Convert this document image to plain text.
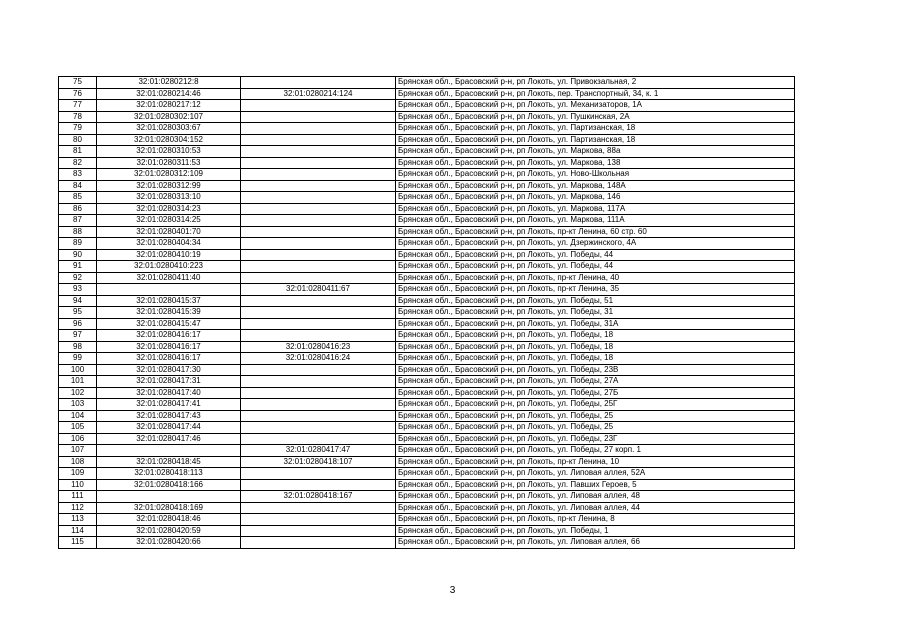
75	32:01:0280212:8		Брянская обл., Брасовский р-н, рп Локоть, ул. Привокзальная, 2
76	32:01:0280214:46	32:01:0280214:124	Брянская обл., Брасовский р-н, рп Локоть, пер. Транспортный, 34, к. 1
77	32:01:0280217:12		Брянская обл., Брасовский р-н, рп Локоть, ул. Механизаторов, 1А
78	32:01:0280302:107		Брянская обл., Брасовский р-н, рп Локоть, ул. Пушкинская, 2А
79	32:01:0280303:67		Брянская обл., Брасовский р-н, рп Локоть, ул. Партизанская, 18
80	32:01:0280304:152		Брянская обл., Брасовский р-н, рп Локоть, ул. Партизанская, 18
81	32:01:0280310:53		Брянская обл., Брасовский р-н, рп Локоть, ул. Маркова, 88а
82	32:01:0280311:53		Брянская обл., Брасовский р-н, рп Локоть, ул. Маркова, 138
83	32:01:0280312:109		Брянская обл., Брасовский р-н, рп Локоть, ул. Ново-Школьная
84	32:01:0280312:99		Брянская обл., Брасовский р-н, рп Локоть, ул. Маркова, 148А
85	32:01:0280313:10		Брянская обл., Брасовский р-н, рп Локоть, ул. Маркова, 146
86	32:01:0280314:23		Брянская обл., Брасовский р-н, рп Локоть, ул. Маркова, 117А
87	32:01:0280314:25		Брянская обл., Брасовский р-н, рп Локоть, ул. Маркова, 111А
88	32:01:0280401:70		Брянская обл., Брасовский р-н, рп Локоть, пр-кт Ленина, 60 стр. 60
89	32:01:0280404:34		Брянская обл., Брасовский р-н, рп Локоть, ул. Дзержинского, 4А
90	32:01:0280410:19		Брянская обл., Брасовский р-н, рп Локоть, ул. Победы, 44
91	32:01:0280410:223		Брянская обл., Брасовский р-н, рп Локоть, ул. Победы, 44
92	32:01:0280411:40		Брянская обл., Брасовский р-н, рп Локоть, пр-кт Ленина, 40
93		32:01:0280411:67	Брянская обл., Брасовский р-н, рп Локоть, пр-кт Ленина, 35
94	32:01:0280415:37		Брянская обл., Брасовский р-н, рп Локоть, ул. Победы, 51
95	32:01:0280415:39		Брянская обл., Брасовский р-н, рп Локоть, ул. Победы, 31
96	32:01:0280415:47		Брянская обл., Брасовский р-н, рп Локоть, ул. Победы, 31А
97	32:01:0280416:17		Брянская обл., Брасовский р-н, рп Локоть, ул. Победы, 18
98	32:01:0280416:17	32:01:0280416:23	Брянская обл., Брасовский р-н, рп Локоть, ул. Победы, 18
99	32:01:0280416:17	32:01:0280416:24	Брянская обл., Брасовский р-н, рп Локоть, ул. Победы, 18
100	32:01:0280417:30		Брянская обл., Брасовский р-н, рп Локоть, ул. Победы, 23В
101	32:01:0280417:31		Брянская обл., Брасовский р-н, рп Локоть, ул. Победы, 27А
102	32:01:0280417:40		Брянская обл., Брасовский р-н, рп Локоть, ул. Победы, 27Б
103	32:01:0280417:41		Брянская обл., Брасовский р-н, рп Локоть, ул. Победы, 25Г
104	32:01:0280417:43		Брянская обл., Брасовский р-н, рп Локоть, ул. Победы, 25
105	32:01:0280417:44		Брянская обл., Брасовский р-н, рп Локоть, ул. Победы, 25
106	32:01:0280417:46		Брянская обл., Брасовский р-н, рп Локоть, ул. Победы, 23Г
107		32:01:0280417:47	Брянская обл., Брасовский р-н, рп Локоть, ул. Победы, 27 корп. 1
108	32:01:0280418:45	32:01:0280418:107	Брянская обл., Брасовский р-н, рп Локоть, пр-кт Ленина, 10
109	32:01:0280418:113		Брянская обл., Брасовский р-н, рп Локоть, ул. Липовая аллея, 52А
110	32:01:0280418:166		Брянская обл., Брасовский р-н, рп Локоть, ул. Павших Героев, 5
111		32:01:0280418:167	Брянская обл., Брасовский р-н, рп Локоть, ул. Липовая аллея, 48
112	32:01:0280418:169		Брянская обл., Брасовский р-н, рп Локоть, ул. Липовая аллея, 44
113	32:01:0280418:46		Брянская обл., Брасовский р-н, рп Локоть, пр-кт Ленина, 8
114	32:01:0280420:59		Брянская обл., Брасовский р-н, рп Локоть, ул. Победы, 1
115	32:01:0280420:66		Брянская обл., Брасовский р-н, рп Локоть, ул. Липовая аллея, 66
3
